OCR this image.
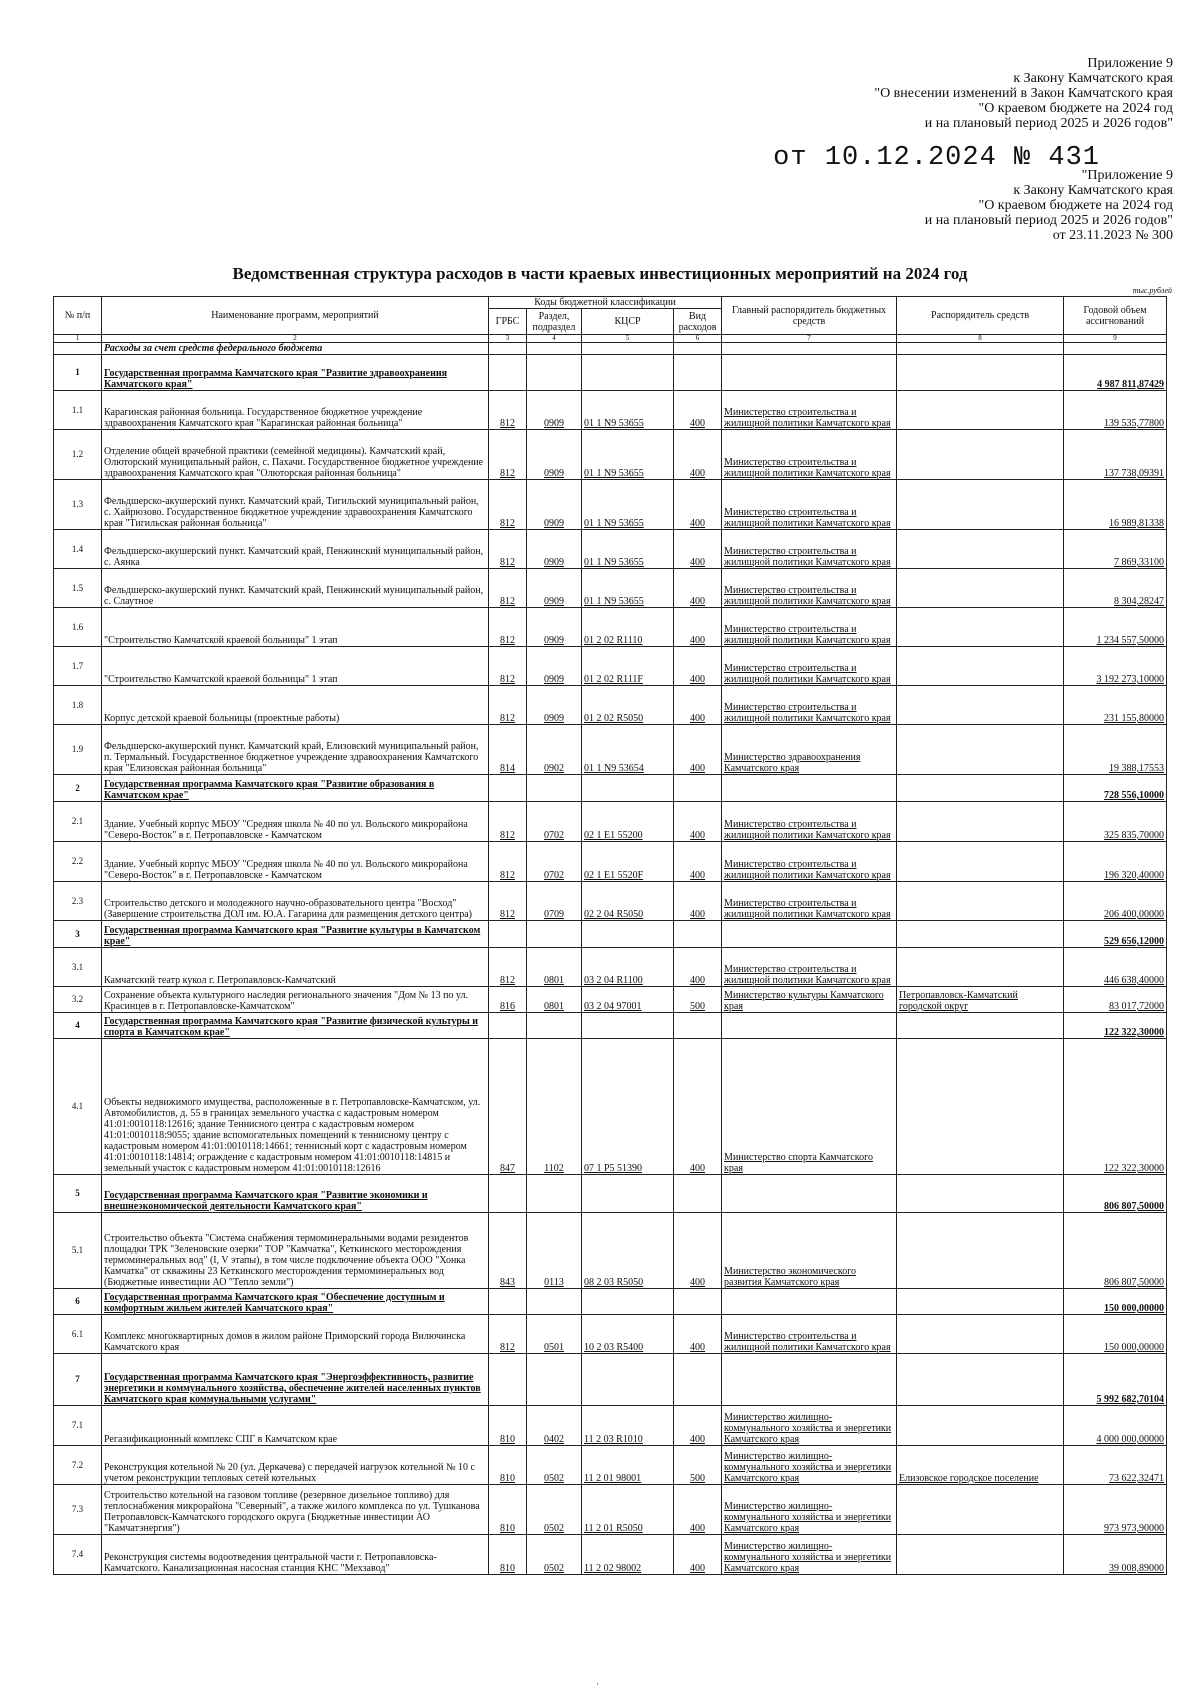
Приложение 9
к Закону Камчатского края
"О внесении изменений в Закон Камчатского края
"О краевом бюджете на 2024 год
и на плановый период 2025 и 2026 годов"
от 10.12.2024 № 431
"Приложение 9
к Закону Камчатского края
"О краевом бюджете на 2024 год
и на плановый период 2025 и 2026 годов"
от 23.11.2023 № 300
Ведомственная структура расходов в части краевых инвестиционных мероприятий на 2024 год
тыс.рублей
№ п/п	Наименование программ, мероприятий	Коды бюджетной классификации				Главный распорядитель бюджетных средств	Распорядитель средств	Годовой объем ассигнований
		ГРБС	Раздел, подраздел	КЦСР	Вид расходов			
1	2	3	4	5	6	7	8	9
	Расходы за счет средств федерального бюджета							
1	Государственная программа Камчатского края "Развитие здравоохранения Камчатского края"							4 987 811,87429
1.1	Карагинская районная больница. Государственное бюджетное учреждение здравоохранения Камчатского края "Карагинская районная больница"	812	0909	01 1 N9 53655	400	Министерство строительства и жилищной политики Камчатского края		139 535,77800
1.2	Отделение общей врачебной практики (семейной медицины). Камчатский край, Олюторский муниципальный район, с. Пахачи. Государственное бюджетное учреждение здравоохранения Камчатского края "Олюторская районная больница"	812	0909	01 1 N9 53655	400	Министерство строительства и жилищной политики Камчатского края		137 738,09391
1.3	Фельдшерско-акушерский пункт. Камчатский край, Тигильский муниципальный район, с. Хайрюзово. Государственное бюджетное учреждение здравоохранения Камчатского края "Тигильская районная больница"	812	0909	01 1 N9 53655	400	Министерство строительства и жилищной политики Камчатского края		16 989,81338
1.4	Фельдшерско-акушерский пункт. Камчатский край, Пенжинский муниципальный район, с. Аянка	812	0909	01 1 N9 53655	400	Министерство строительства и жилищной политики Камчатского края		7 869,33100
1.5	Фельдшерско-акушерский пункт. Камчатский край, Пенжинский муниципальный район, с. Слаутное	812	0909	01 1 N9 53655	400	Министерство строительства и жилищной политики Камчатского края		8 304,28247
1.6	"Строительство Камчатской краевой больницы" 1 этап	812	0909	01 2 02 R1110	400	Министерство строительства и жилищной политики Камчатского края		1 234 557,50000
1.7	"Строительство Камчатской краевой больницы" 1 этап	812	0909	01 2 02 R111F	400	Министерство строительства и жилищной политики Камчатского края		3 192 273,10000
1.8	Корпус детской краевой больницы (проектные работы)	812	0909	01 2 02 R5050	400	Министерство строительства и жилищной политики Камчатского края		231 155,80000
1.9	Фельдшерско-акушерский пункт. Камчатский край, Елизовский муниципальный район, п. Термальный. Государственное бюджетное учреждение здравоохранения Камчатского края "Елизовская районная больница"	814	0902	01 1 N9 53654	400	Министерство здравоохранения Камчатского края		19 388,17553
2	Государственная программа Камчатского края "Развитие образования в Камчатском крае"							728 556,10000
2.1	Здание. Учебный корпус МБОУ "Средняя школа № 40 по ул. Вольского микрорайона "Северо-Восток" в г. Петропавловске - Камчатском	812	0702	02 1 E1 55200	400	Министерство строительства и жилищной политики Камчатского края		325 835,70000
2.2	Здание. Учебный корпус МБОУ "Средняя школа № 40 по ул. Вольского микрорайона "Северо-Восток" в г. Петропавловске - Камчатском	812	0702	02 1 E1 5520F	400	Министерство строительства и жилищной политики Камчатского края		196 320,40000
2.3	Строительство детского и молодежного научно-образовательного центра "Восход" (Завершение строительства ДОЛ им. Ю.А. Гагарина для размещения детского центра)	812	0709	02 2 04 R5050	400	Министерство строительства и жилищной политики Камчатского края		206 400,00000
3	Государственная программа Камчатского края "Развитие культуры в Камчатском крае"							529 656,12000
3.1	Камчатский театр кукол г. Петропавловск-Камчатский	812	0801	03 2 04 R1100	400	Министерство строительства и жилищной политики Камчатского края		446 638,40000
3.2	Сохранение объекта культурного наследия регионального значения "Дом № 13 по ул. Красинцев в г. Петропавловске-Камчатском"	816	0801	03 2 04 97001	500	Министерство культуры Камчатского края	Петропавловск-Камчатский городской округ	83 017,72000
4	Государственная программа Камчатского края "Развитие физической культуры и спорта в Камчатском крае"							122 322,30000
4.1	Объекты недвижимого имущества, расположенные в г. Петропавловске-Камчатском, ул. Автомобилистов, д. 55 в границах земельного участка с кадастровым номером 41:01:0010118:12616; здание Теннисного центра с кадастровым номером 41:01:0010118:9055; здание вспомогательных помещений к теннисному центру с кадастровым номером 41:01:0010118:14661; теннисный корт с кадастровым номером 41:01:0010118:14814; ограждение с кадастровым номером 41:01:0010118:14815 и земельный участок с кадастровым номером 41:01:0010118:12616	847	1102	07 1 P5 51390	400	Министерство спорта Камчатского края		122 322,30000
5	Государственная программа Камчатского края "Развитие экономики и внешнеэкономической деятельности Камчатского края"							806 807,50000
5.1	Строительство объекта "Система снабжения термоминеральными водами резидентов площадки ТРК "Зеленовские озерки" ТОР "Камчатка", Кеткинского месторождения термоминеральных вод" (I, V этапы), в том числе подключение объекта ООО "Хонка Камчатка" от скважины 23 Кеткинского месторождения термоминеральных вод (Бюджетные инвестиции АО "Тепло земли")	843	0113	08 2 03 R5050	400	Министерство экономического развития Камчатского края		806 807,50000
6	Государственная программа Камчатского края "Обеспечение доступным и комфортным жильем жителей Камчатского края"							150 000,00000
6.1	Комплекс многоквартирных домов в жилом районе Приморский города Вилючинска Камчатского края	812	0501	10 2 03 R5400	400	Министерство строительства и жилищной политики Камчатского края		150 000,00000
7	Государственная программа Камчатского края "Энергоэффективность, развитие энергетики и коммунального хозяйства, обеспечение жителей населенных пунктов Камчатского края коммунальными услугами"							5 992 682,70104
7.1	Регазификационный комплекс СПГ в Камчатском крае	810	0402	11 2 03 R1010	400	Министерство жилищно-коммунального хозяйства и энергетики Камчатского края		4 000 000,00000
7.2	Реконструкция котельной № 20 (ул. Деркачева) с передачей нагрузок котельной № 10 с учетом реконструкции тепловых сетей котельных	810	0502	11 2 01 98001	500	Министерство жилищно-коммунального хозяйства и энергетики Камчатского края	Елизовское городское поселение	73 622,32471
7.3	Строительство котельной на газовом топливе (резервное дизельное топливо) для теплоснабжения микрорайона "Северный", а также жилого комплекса по ул. Тушканова Петропавловск-Камчатского городского округа (Бюджетные инвестиции АО "Камчатэнергия")	810	0502	11 2 01 R5050	400	Министерство жилищно-коммунального хозяйства и энергетики Камчатского края		973 973,90000
7.4	Реконструкция системы водоотведения центральной части г. Петропавловска-Камчатского. Канализационная насосная станция КНС "Мехзавод"	810	0502	11 2 02 98002	400	Министерство жилищно-коммунального хозяйства и энергетики Камчатского края		39 008,89000
ˈ
